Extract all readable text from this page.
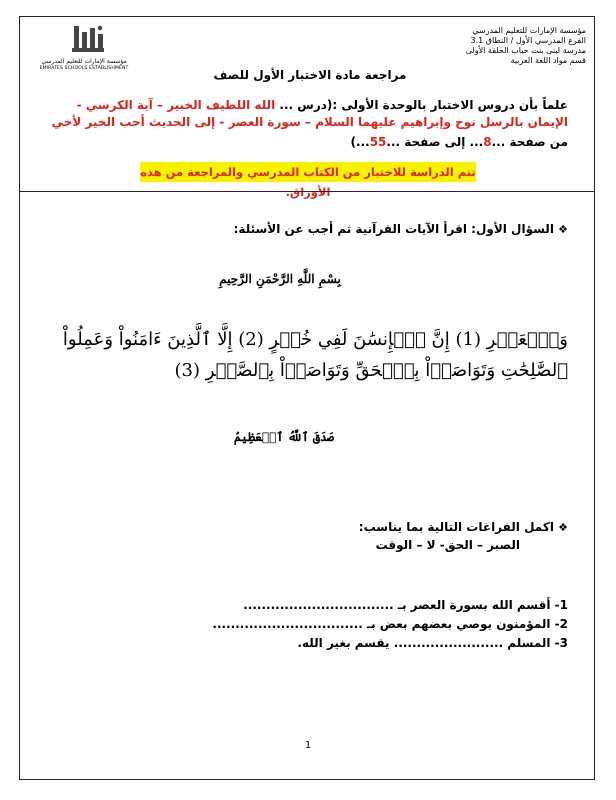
مؤسسة الإمارات للتعليم المدرسي
الفرع المدرسي الأول / النطاق 3.1
مدرسة لبنى بنت حباب الحلقة الأولى
قسم مواد اللغة العربية
مؤسسة الإمارات للتعليم المدرسي
EMIRATES SCHOOLS ESTABLISHMENT	مراجعة مادة الاختبار الأول للصف
علماً بأن دروس الاختبار بالوحدة الأولى :(درس ... الله اللطيف الخبير – آية الكرسي -
الإيمان بالرسل نوح وإبراهيم عليهما السلام – سورة العصر - إلى الحديث أحب الخير لأخي
من صفحة ...8... إلى صفحة ...55...)
تتم الدراسة للاختبار من الكتاب المدرسي والمراجعة من هذه الأوراق.
❖ السؤال الأول: اقرأ الآيات القرآنية ثم أجب عن الأسئلة:
بِسْمِ اللَّهِ الرَّحْمَنِ الرَّحِيمِ
وَٱلۡعَصۡرِ (1) إِنَّ ٱلۡإِنسَٰنَ لَفِي خُسۡرٍ (2) إِلَّا ٱلَّذِينَ ءَامَنُواْ وَعَمِلُواْ
ٱلصَّٰلِحَٰتِ وَتَوَاصَوۡاْ بِٱلۡحَقِّ وَتَوَاصَوۡاْ بِٱلصَّبۡرِ (3)
صَدَقَ ٱللَّهُ ٱلۡعَظِيمُ
❖ اكمل الفراغات التالية بما يناسب:
الصبر – الحق- لا – الوقت
1- أقسم الله بسورة العصر بـ .................................
2- المؤمنون يوصي بعضهم بعض بـ .................................
3- المسلم ........................ يقسم بغير الله.
1
